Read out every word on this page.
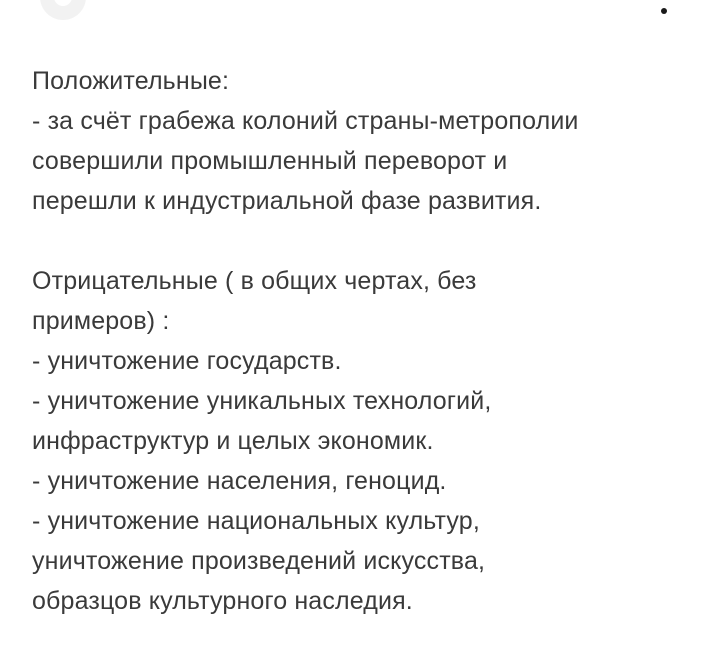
Положительные:
- за счёт грабежа колоний страны-метрополии
совершили промышленный переворот и
перешли к индустриальной фазе развития.
Отрицательные ( в общих чертах, без
примеров) :
- уничтожение государств.
- уничтожение уникальных технологий,
инфраструктур и целых экономик.
- уничтожение населения, геноцид.
- уничтожение национальных культур,
уничтожение произведений искусства,
образцов культурного наследия.
